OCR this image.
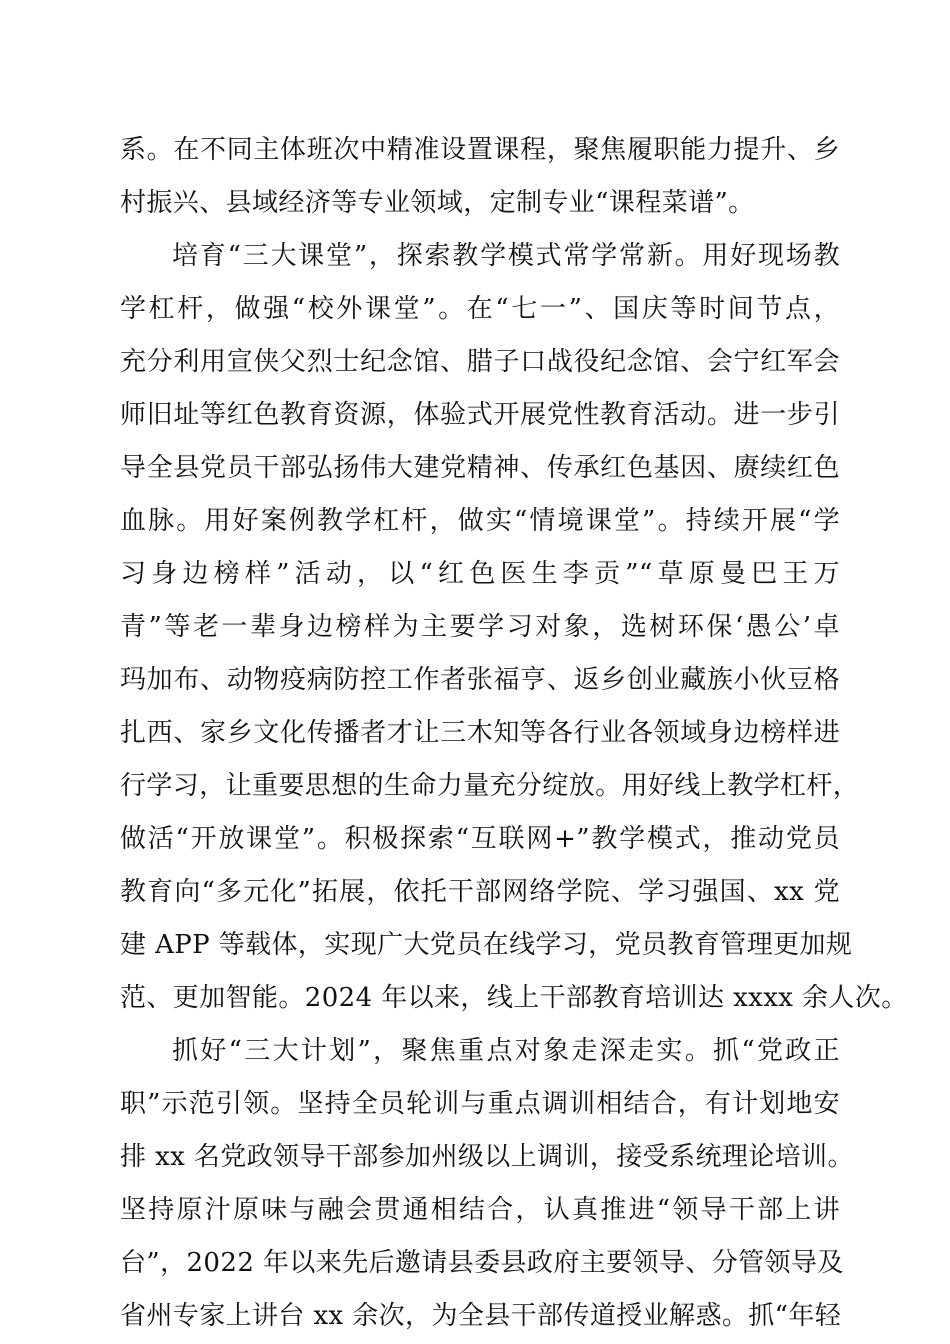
系。在不同主体班次中精准设置课程，聚焦履职能力提升、乡
村振兴、县域经济等专业领域，定制专业“课程菜谱”。
培育“三大课堂”，探索教学模式常学常新。用好现场教
学杠杆，做强“校外课堂”。在“七一”、国庆等时间节点，
充分利用宣侠父烈士纪念馆、腊子口战役纪念馆、会宁红军会
师旧址等红色教育资源，体验式开展党性教育活动。进一步引
导全县党员干部弘扬伟大建党精神、传承红色基因、赓续红色
血脉。用好案例教学杠杆，做实“情境课堂”。持续开展“学
习身边榜样”活动，以“红色医生李贡”“草原曼巴王万
青”等老一辈身边榜样为主要学习对象，选树环保‘愚公’卓
玛加布、动物疫病防控工作者张福亨、返乡创业藏族小伙豆格
扎西、家乡文化传播者才让三木知等各行业各领域身边榜样进
行学习，让重要思想的生命力量充分绽放。用好线上教学杠杆，
做活“开放课堂”。积极探索“互联网+”教学模式，推动党员
教育向“多元化”拓展，依托干部网络学院、学习强国、xx 党
建 APP 等载体，实现广大党员在线学习，党员教育管理更加规
范、更加智能。2024 年以来，线上干部教育培训达 xxxx 余人次。
抓好“三大计划”，聚焦重点对象走深走实。抓“党政正
职”示范引领。坚持全员轮训与重点调训相结合，有计划地安
排 xx 名党政领导干部参加州级以上调训，接受系统理论培训。
坚持原汁原味与融会贯通相结合，认真推进“领导干部上讲
台”，2022 年以来先后邀请县委县政府主要领导、分管领导及
省州专家上讲台 xx 余次，为全县干部传道授业解惑。抓“年轻
